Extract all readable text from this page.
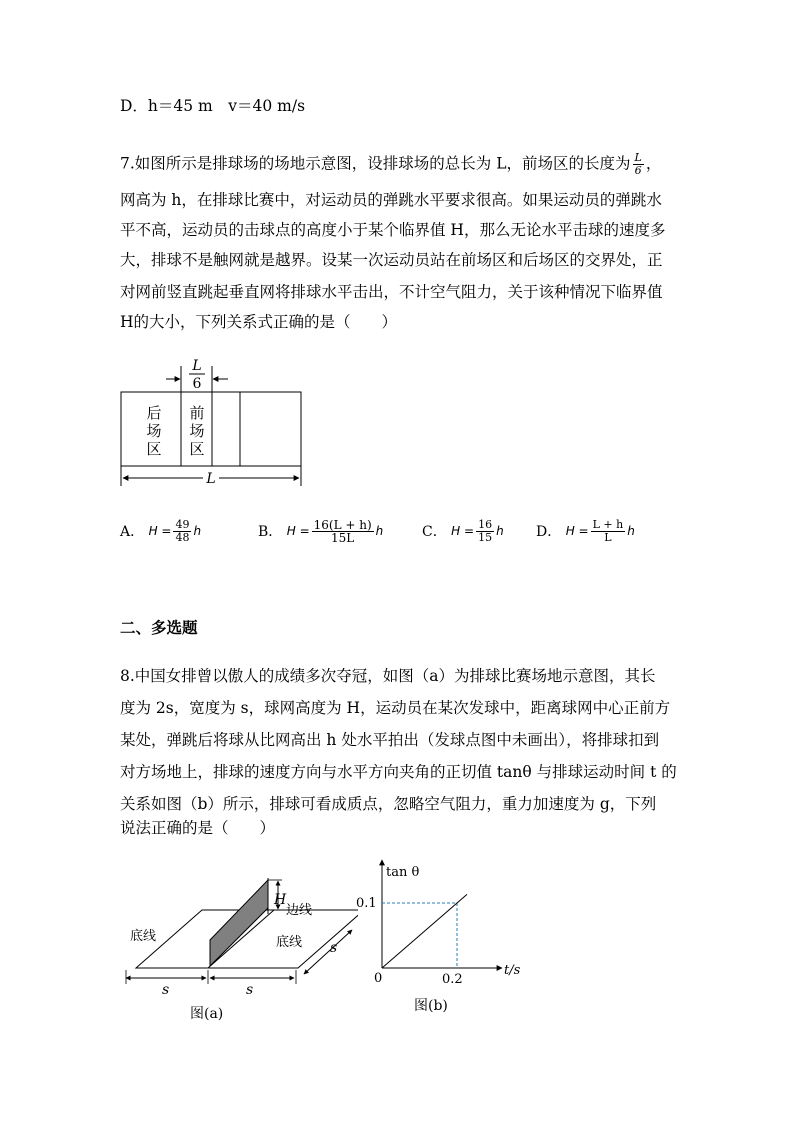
D．h＝45 m　v＝40 m/s
7.如图所示是排球场的场地示意图，设排球场的总长为 L，前场区的长度为 $\frac{L}{6}$ ，
网高为 h，在排球比赛中，对运动员的弹跳水平要求很高。如果运动员的弹跳水
平不高，运动员的击球点的高度小于某个临界值 H，那么无论水平击球的速度多
大，排球不是触网就是越界。设某一次运动员站在前场区和后场区的交界处，正
对网前竖直跳起垂直网将排球水平击出，不计空气阻力，关于该种情况下临界值
H的大小，下列关系式正确的是（　　）
L
6
后
场
区
前
场
区
L
A．
$H = \frac{49}{48}$ h	B．
$H = \frac{16(L + h)}{15L}$ h	C．
$H = \frac{16}{15}$ h D．
$H = \frac{L + h}{L}$ h
二、多选题
8.中国女排曾以傲人的成绩多次夺冠，如图（a）为排球比赛场地示意图，其长
度为 2s，宽度为 s，球网高度为 H，运动员在某次发球中，距离球网中心正前方
某处，弹跳后将球从比网高出 h 处水平拍出（发球点图中未画出），将排球扣到
对方场地上，排球的速度方向与水平方向夹角的正切值 tanθ 与排球运动时间 t 的
关系如图（b）所示，排球可看成质点，忽略空气阻力，重力加速度为 g，下列
说法正确的是（　　）
H
边线
底线	底线
s	s
s
图(a)
tan θ
t/s
0
0.1
0.2
图(b)
